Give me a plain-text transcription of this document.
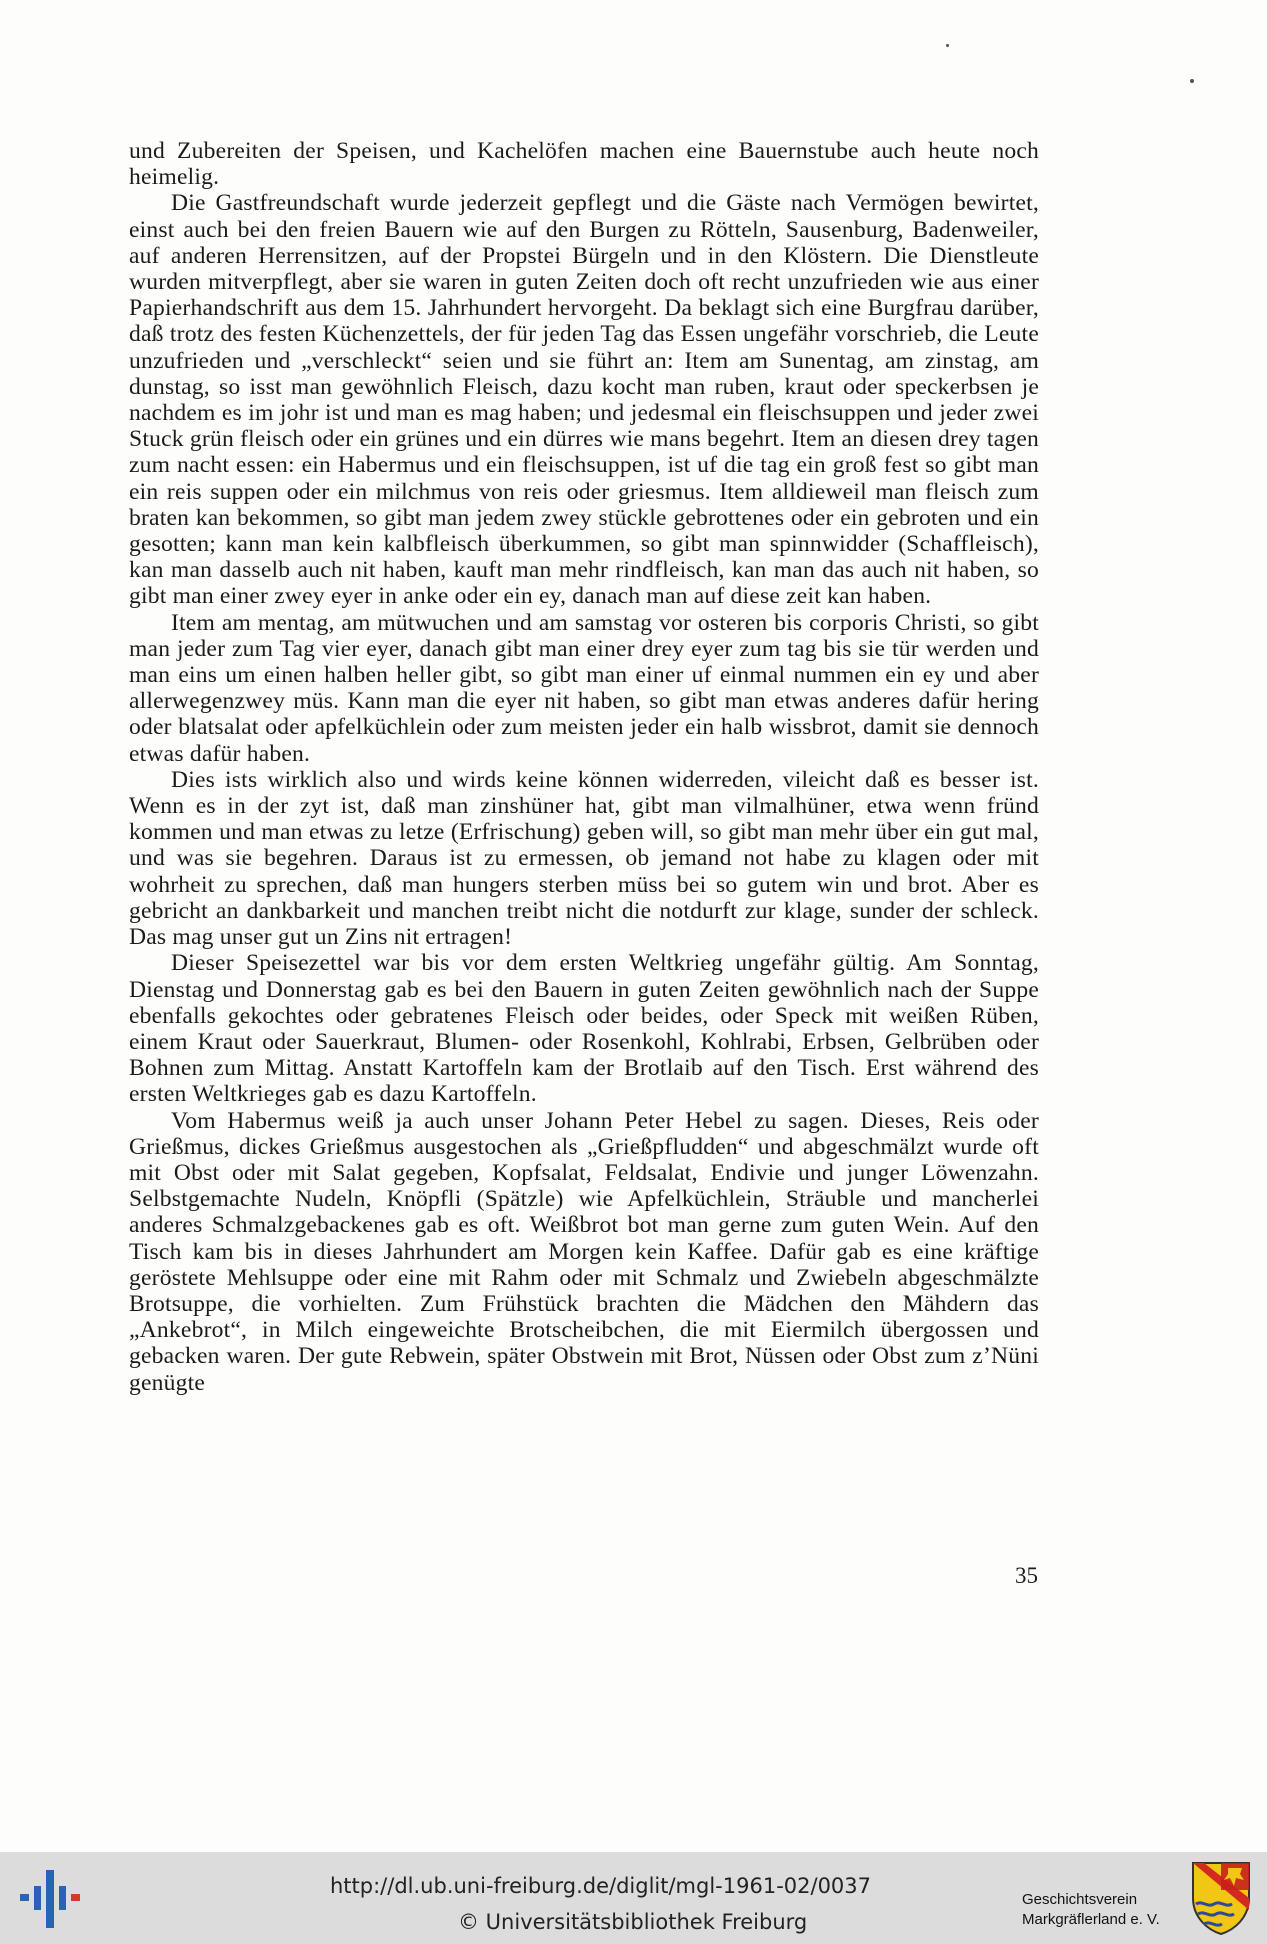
und Zubereiten der Speisen, und Kachelöfen machen eine Bauernstube auch heute noch heimelig.

Die Gastfreundschaft wurde jederzeit gepflegt und die Gäste nach Vermögen bewirtet, einst auch bei den freien Bauern wie auf den Burgen zu Rötteln, Sausenburg, Badenweiler, auf anderen Herrensitzen, auf der Propstei Bürgeln und in den Klöstern. Die Dienstleute wurden mitverpflegt, aber sie waren in guten Zeiten doch oft recht unzufrieden wie aus einer Papierhandschrift aus dem 15. Jahrhundert hervorgeht. Da beklagt sich eine Burgfrau darüber, daß trotz des festen Küchenzettels, der für jeden Tag das Essen ungefähr vorschrieb, die Leute unzufrieden und „verschleckt“ seien und sie führt an: Item am Sunentag, am zinstag, am dunstag, so isst man gewöhnlich Fleisch, dazu kocht man ruben, kraut oder speckerbsen je nachdem es im johr ist und man es mag haben; und jedesmal ein fleischsuppen und jeder zwei Stuck grün fleisch oder ein grünes und ein dürres wie mans begehrt. Item an diesen drey tagen zum nacht essen: ein Habermus und ein fleischsuppen, ist uf die tag ein groß fest so gibt man ein reis suppen oder ein milchmus von reis oder griesmus. Item alldieweil man fleisch zum braten kan bekommen, so gibt man jedem zwey stückle gebrottenes oder ein gebroten und ein gesotten; kann man kein kalbfleisch überkummen, so gibt man spinnwidder (Schaffleisch), kan man dasselb auch nit haben, kauft man mehr rindfleisch, kan man das auch nit haben, so gibt man einer zwey eyer in anke oder ein ey, danach man auf diese zeit kan haben.

Item am mentag, am mütwuchen und am samstag vor osteren bis corporis Christi, so gibt man jeder zum Tag vier eyer, danach gibt man einer drey eyer zum tag bis sie tür werden und man eins um einen halben heller gibt, so gibt man einer uf einmal nummen ein ey und aber allerwegenzwey müs. Kann man die eyer nit haben, so gibt man etwas anderes dafür hering oder blatsalat oder apfelküchlein oder zum meisten jeder ein halb wissbrot, damit sie dennoch etwas dafür haben.

Dies ists wirklich also und wirds keine können widerreden, vileicht daß es besser ist. Wenn es in der zyt ist, daß man zinshüner hat, gibt man vilmalhüner, etwa wenn fründ kommen und man etwas zu letze (Erfrischung) geben will, so gibt man mehr über ein gut mal, und was sie begehren. Daraus ist zu ermessen, ob jemand not habe zu klagen oder mit wohrheit zu sprechen, daß man hungers sterben müss bei so gutem win und brot. Aber es gebricht an dankbarkeit und manchen treibt nicht die notdurft zur klage, sunder der schleck. Das mag unser gut un Zins nit ertragen!

Dieser Speisezettel war bis vor dem ersten Weltkrieg ungefähr gültig. Am Sonntag, Dienstag und Donnerstag gab es bei den Bauern in guten Zeiten gewöhnlich nach der Suppe ebenfalls gekochtes oder gebratenes Fleisch oder beides, oder Speck mit weißen Rüben, einem Kraut oder Sauerkraut, Blumen- oder Rosenkohl, Kohlrabi, Erbsen, Gelbrüben oder Bohnen zum Mittag. Anstatt Kartoffeln kam der Brotlaib auf den Tisch. Erst während des ersten Weltkrieges gab es dazu Kartoffeln.

Vom Habermus weiß ja auch unser Johann Peter Hebel zu sagen. Dieses, Reis oder Grießmus, dickes Grießmus ausgestochen als „Grießpfludden“ und abgeschmälzt wurde oft mit Obst oder mit Salat gegeben, Kopfsalat, Feldsalat, Endivie und junger Löwenzahn. Selbstgemachte Nudeln, Knöpfli (Spätzle) wie Apfelküchlein, Sträuble und mancherlei anderes Schmalzgebackenes gab es oft. Weißbrot bot man gerne zum guten Wein. Auf den Tisch kam bis in dieses Jahrhundert am Morgen kein Kaffee. Dafür gab es eine kräftige geröstete Mehlsuppe oder eine mit Rahm oder mit Schmalz und Zwiebeln abgeschmälzte Brotsuppe, die vorhielten. Zum Frühstück brachten die Mädchen den Mähdern das „Ankebrot“, in Milch eingeweichte Brotscheibchen, die mit Eiermilch übergossen und gebacken waren. Der gute Rebwein, später Obstwein mit Brot, Nüssen oder Obst zum z’Nüni genügte

35
http://dl.ub.uni-freiburg.de/diglit/mgl-1961-02/0037
© Universitätsbibliothek Freiburg
Geschichtsverein
Markgräflerland e. V.
